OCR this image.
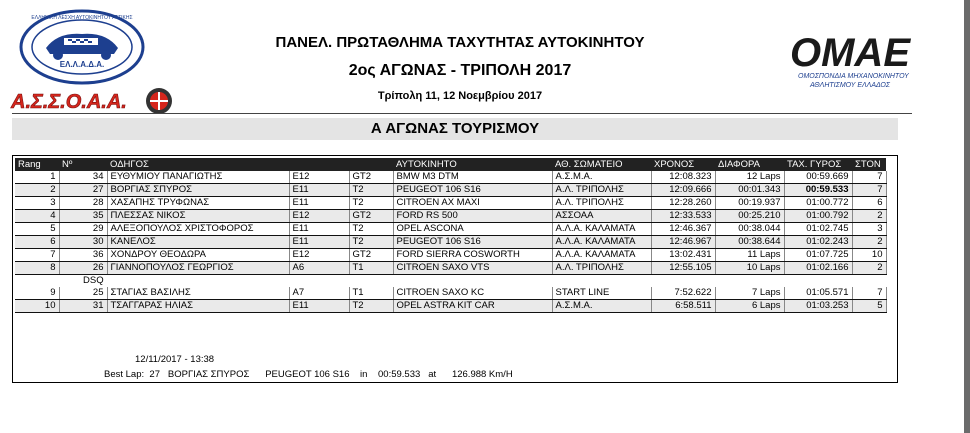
ΕΛ.Λ.Α.Δ.Α.
ΕΛΛΗΝΙΚΗ ΛΕΣΧΗ ΑΥΤΟΚΙΝΗΤΟΥ ΑΤΤΙΚΗΣ
Α.Σ.Σ.Ο.Α.Α.
ΟΜΑΕ
ΟΜΟΣΠΟΝΔΙΑ ΜΗΧΑΝΟΚΙΝΗΤΟΥ
ΑΘΛΗΤΙΣΜΟΥ ΕΛΛΑΔΟΣ
ΠΑΝΕΛ. ΠΡΩΤΑΘΛΗΜΑ ΤΑΧΥΤΗΤΑΣ ΑΥΤΟΚΙΝΗΤΟΥ
2ος ΑΓΩΝΑΣ - ΤΡΙΠΟΛΗ 2017
Τρίπολη 11, 12 Νοεμβρίου 2017
Α ΑΓΩΝΑΣ ΤΟΥΡΙΣΜΟΥ
Rang	Νº	ΟΔΗΓΟΣ			ΑΥΤΟΚΙΝΗΤΟ	ΑΘ. ΣΩΜΑΤΕΙΟ	ΧΡΟΝΟΣ	ΔΙΑΦΟΡΑ	ΤΑΧ. ΓΥΡΟΣ	ΣΤΟΝ
1	34	ΕΥΘΥΜΙΟΥ ΠΑΝΑΓΙΩΤΗΣ	E12	GT2	BMW M3 DTM	Α.Σ.Μ.Α.	12:08.323	12 Laps	00:59.669	7
2	27	ΒΟΡΓΙΑΣ ΣΠΥΡΟΣ	E11	T2	PEUGEOT 106 S16	Α.Λ. ΤΡΙΠΟΛΗΣ	12:09.666	00:01.343	00:59.533	7
3	28	ΧΑΣΑΠΗΣ ΤΡΥΦΩΝΑΣ	E11	T2	CITROEN AX MAXI	Α.Λ. ΤΡΙΠΟΛΗΣ	12:28.260	00:19.937	01:00.772	6
4	35	ΠΛΕΣΣΑΣ ΝΙΚΟΣ	E12	GT2	FORD RS 500	ΑΣΣΟΑΑ	12:33.533	00:25.210	01:00.792	2
5	29	ΑΛΕΞΟΠΟΥΛΟΣ ΧΡΙΣΤΟΦΟΡΟΣ	E11	T2	OPEL ASCONA	Α.Λ.Α. ΚΑΛΑΜΑΤΑ	12:46.367	00:38.044	01:02.745	3
6	30	ΚΑΝΕΛΟΣ	E11	T2	PEUGEOT 106 S16	Α.Λ.Α. ΚΑΛΑΜΑΤΑ	12:46.967	00:38.644	01:02.243	2
7	36	ΧΟΝΔΡΟΥ ΘΕΟΔΩΡΑ	E12	GT2	FORD SIERRA COSWORTH	Α.Λ.Α. ΚΑΛΑΜΑΤΑ	13:02.431	11 Laps	01:07.725	10
8	26	ΓΙΑΝΝΟΠΟΥΛΟΣ ΓΕΩΡΓΙΟΣ	A6	T1	CITROEN SAXO VTS	Α.Λ. ΤΡΙΠΟΛΗΣ	12:55.105	10 Laps	01:02.166	2
	DSQ									
9	25	ΣΤΑΓΙΑΣ ΒΑΣΙΛΗΣ	A7	T1	CITROEN SAXO KC	START LINE	7:52.622	7 Laps	01:05.571	7
10	31	ΤΣΑΓΓΑΡΑΣ ΗΛΙΑΣ	E11	T2	OPEL ASTRA KIT CAR	Α.Σ.Μ.Α.	6:58.511	6 Laps	01:03.253	5
12/11/2017 - 13:38
Best Lap:  27   ΒΟΡΓΙΑΣ ΣΠΥΡΟΣ      PEUGEOT 106 S16    in    00:59.533   at      126.988 Km/H
